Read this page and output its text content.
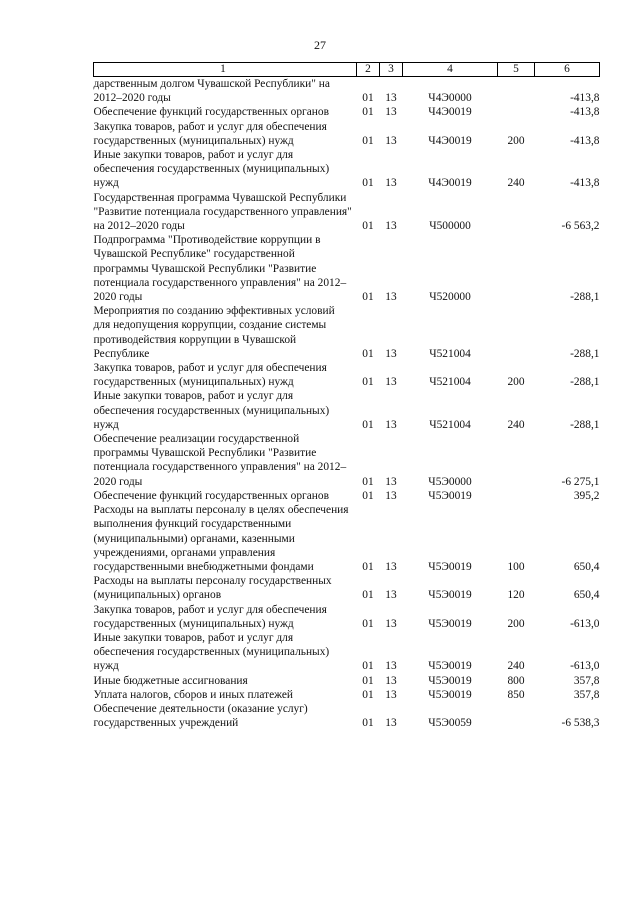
27
1	2	3	4	5	6
дарственным долгом Чувашской Республики" на 2012–2020 годы	01	13	Ч4Э0000		-413,8
Обеспечение функций государственных органов	01	13	Ч4Э0019		-413,8
Закупка товаров, работ и услуг для обеспечения государственных (муниципальных) нужд	01	13	Ч4Э0019	200	-413,8
Иные закупки товаров, работ и услуг для обеспечения государственных (муниципальных) нужд	01	13	Ч4Э0019	240	-413,8
Государственная программа Чувашской Республики "Развитие потенциала государственного управления" на 2012–2020 годы	01	13	Ч500000		-6 563,2
Подпрограмма "Противодействие коррупции в Чувашской Республике" государственной программы Чувашской Республики "Развитие потенциала государственного управления" на 2012–2020 годы	01	13	Ч520000		-288,1
Мероприятия по созданию эффективных условий для недопущения коррупции, создание системы противодействия коррупции в Чувашской Республике	01	13	Ч521004		-288,1
Закупка товаров, работ и услуг для обеспечения государственных (муниципальных) нужд	01	13	Ч521004	200	-288,1
Иные закупки товаров, работ и услуг для обеспечения государственных (муниципальных) нужд	01	13	Ч521004	240	-288,1
Обеспечение реализации государственной программы Чувашской Республики "Развитие потенциала государственного управления" на 2012–2020 годы	01	13	Ч5Э0000		-6 275,1
Обеспечение функций государственных органов	01	13	Ч5Э0019		395,2
Расходы на выплаты персоналу в целях обеспечения выполнения функций государственными (муниципальными) органами, казенными учреждениями, органами управления государственными внебюджетными фондами	01	13	Ч5Э0019	100	650,4
Расходы на выплаты персоналу государственных (муниципальных) органов	01	13	Ч5Э0019	120	650,4
Закупка товаров, работ и услуг для обеспечения государственных (муниципальных) нужд	01	13	Ч5Э0019	200	-613,0
Иные закупки товаров, работ и услуг для обеспечения государственных (муниципальных) нужд	01	13	Ч5Э0019	240	-613,0
Иные бюджетные ассигнования	01	13	Ч5Э0019	800	357,8
Уплата налогов, сборов и иных платежей	01	13	Ч5Э0019	850	357,8
Обеспечение деятельности (оказание услуг) государственных учреждений	01	13	Ч5Э0059		-6 538,3
